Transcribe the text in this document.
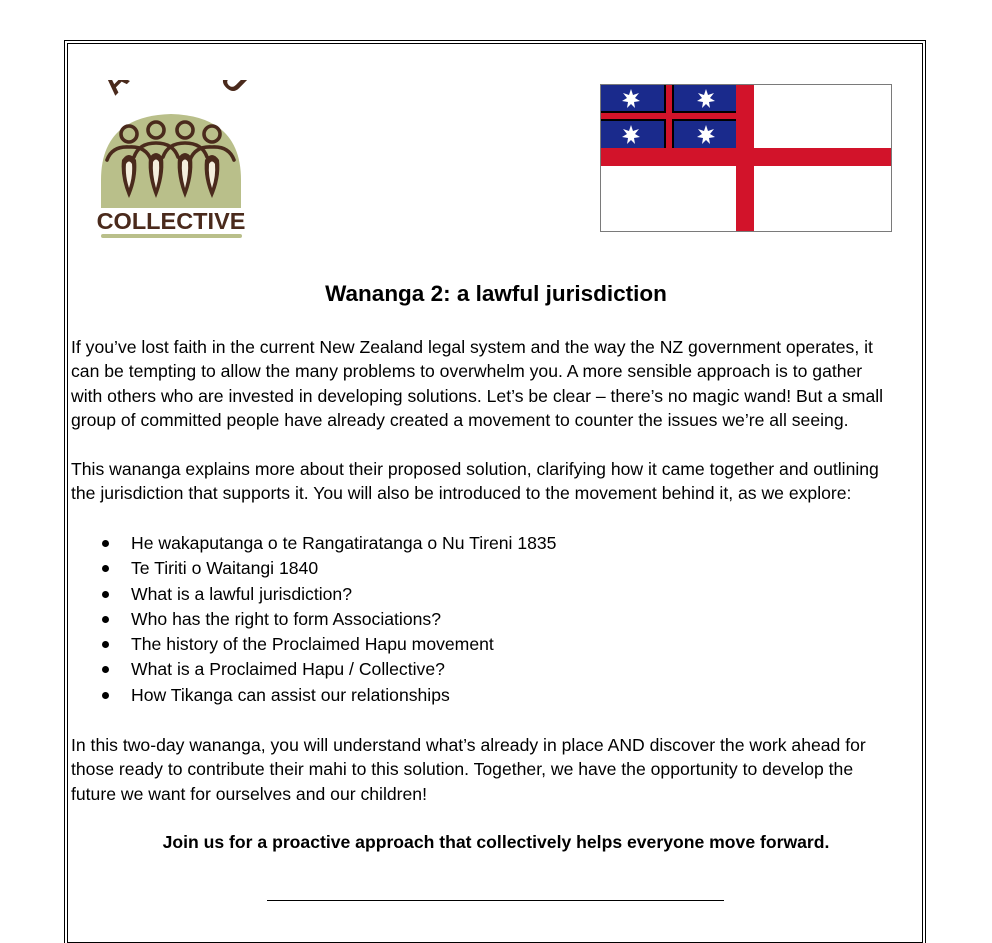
A
COLLECTIVE
Wananga 2: a lawful jurisdiction

If you’ve lost faith in the current New Zealand legal system and the way the NZ government operates, it
can be tempting to allow the many problems to overwhelm you. A more sensible approach is to gather
with others who are invested in developing solutions. Let’s be clear – there’s no magic wand! But a small
group of committed people have already created a movement to counter the issues we’re all seeing.

This wananga explains more about their proposed solution, clarifying how it came together and outlining
the jurisdiction that supports it. You will also be introduced to the movement behind it, as we explore:

He wakaputanga o te Rangatiratanga o Nu Tireni 1835
Te Tiriti o Waitangi 1840
What is a lawful jurisdiction?
Who has the right to form Associations?
The history of the Proclaimed Hapu movement
What is a Proclaimed Hapu / Collective?
How Tikanga can assist our relationships

In this two-day wananga, you will understand what’s already in place AND discover the work ahead for
those ready to contribute their mahi to this solution. Together, we have the opportunity to develop the
future we want for ourselves and our children!

Join us for a proactive approach that collectively helps everyone move forward.
